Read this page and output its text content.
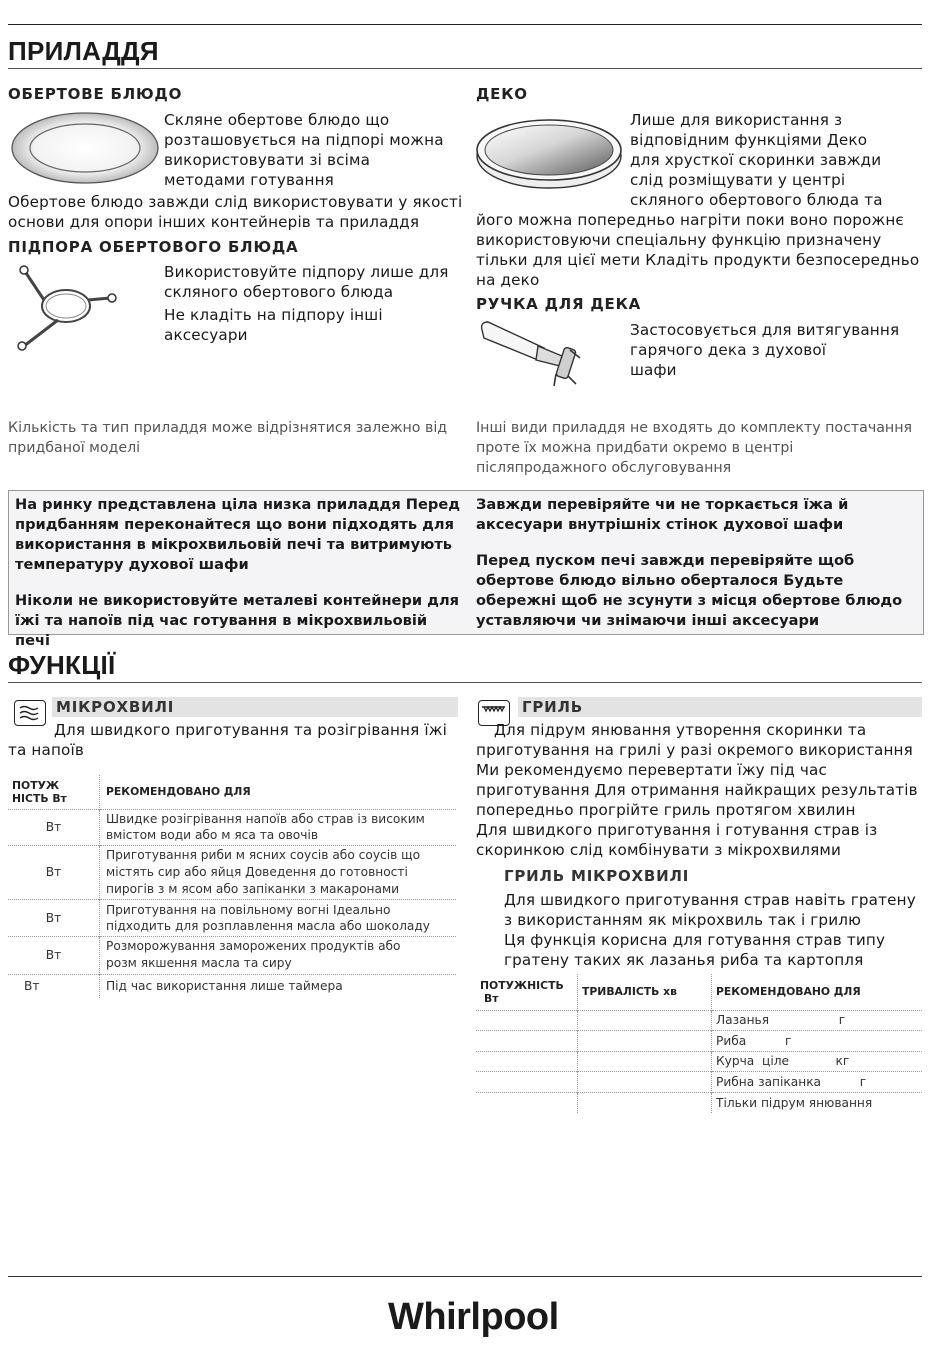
ПРИЛАДДЯ
ОБЕРТОВЕ БЛЮДО
Скляне обертове блюдо що
розташовується на підпорі можна
використовувати зі всіма
методами готування
Обертове блюдо завжди слід використовувати у якості
основи для опори інших контейнерів та приладдя
ПІДПОРА ОБЕРТОВОГО БЛЮДА
Використовуйте підпору лише для
скляного обертового блюда
Не кладіть на підпору інші
аксесуари
ДЕКО
Лише для використання з
відповідним функціями Деко
для хрусткої скоринки завжди
слід розміщувати у центрі
скляного обертового блюда та
його можна попередньо нагріти поки воно порожнє
використовуючи спеціальну функцію призначену
тільки для цієї мети Кладіть продукти безпосередньо
на деко
РУЧКА ДЛЯ ДЕКА
Застосовується для витягування
гарячого дека з духової
шафи
Кількість та тип приладдя може відрізнятися залежно від
придбаної моделі
Інші види приладдя не входять до комплекту постачання
проте їх можна придбати окремо в центрі
післяпродажного обслуговування

На ринку представлена ціла низка приладдя Перед

придбанням переконайтеся що вони підходять для

використання в мікрохвильовій печі та витримують

температуру духової шафи

Ніколи не використовуйте металеві контейнери для

їжі та напоїв під час готування в мікрохвильовій печі

Завжди перевіряйте чи не торкається їжа й

аксесуари внутрішніх стінок духової шафи

Перед пуском печі завжди перевіряйте щоб

обертове блюдо вільно оберталося Будьте

обережні щоб не зсунути з місця обертове блюдо

уставляючи чи знімаючи інші аксесуари

ФУНКЦІЇ
МІКРОХВИЛІ
Для швидкого приготування та розігрівання їжі
та напоїв
ПОТУЖ
НІСТЬ Вт	РЕКОМЕНДОВАНО ДЛЯ
Вт	Швидке розігрівання напоїв або страв із високим
вмістом води або м яса та овочів

Вт	Приготування риби м ясних соусів або соусів що
містять сир або яйця Доведення до готовності
пирогів з м ясом або запіканки з макаронами

Вт	Приготування на повільному вогні Ідеально
підходить для розплавлення масла або шоколаду

Вт	Розморожування заморожених продуктів або
розм якшення масла та сиру

Вт	Під час використання лише таймера
ГРИЛЬ
Для підрум янювання утворення скоринки та
приготування на грилі у разі окремого використання
Ми рекомендуємо перевертати їжу під час
приготування Для отримання найкращих результатів
попередньо прогрійте гриль протягом хвилин
Для швидкого приготування і готування страв із
скоринкою слід комбінувати з мікрохвилями
ГРИЛЬ МІКРОХВИЛІ
Для швидкого приготування страв навіть гратену
з використанням як мікрохвиль так і грилю
Ця функція корисна для готування страв типу
гратену таких як лазанья риба та картопля
ПОТУЖНІСТЬ
Вт	ТРИВАЛІСТЬ хв	РЕКОМЕНДОВАНО ДЛЯ
		Лазанья                  г
		Риба          г
		Курча  ціле            кг
		Рибна запіканка          г
		Тільки підрум янювання
Whirlpool
